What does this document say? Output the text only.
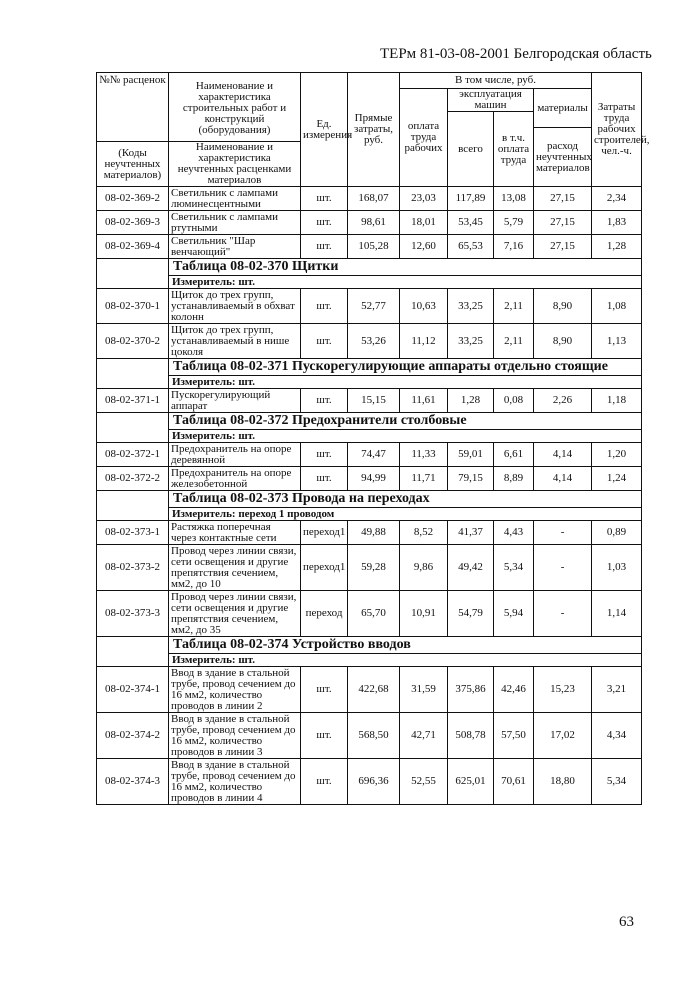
ТЕРм 81-03-08-2001 Белгородская область
№№ расценок	Наименование и характеристика строительных работ и конструкций (оборудования)	Ед. измерения	Прямые затраты, руб.	В том числе, руб.				Затраты труда рабочих строителей, чел.-ч.
				оплата труда рабочих	эксплуатация машин		материалы	
					всего	в т.ч. оплата труда		
							расход неучтенных материалов	
(Коды неучтенных материалов)	Наименование и характеристика неучтенных расценками материалов							

08-02-369-2	Светильник с лампами люминесцентными	шт.	168,07	23,03	117,89	13,08	27,15	2,34
08-02-369-3	Светильник с лампами ртутными	шт.	98,61	18,01	53,45	5,79	27,15	1,83
08-02-369-4	Светильник "Шар венчающий"	шт.	105,28	12,60	65,53	7,16	27,15	1,28
	Таблица 08-02-370 Щитки							
	Измеритель: шт.							
08-02-370-1	Щиток до трех групп, устанавливаемый в обхват колонн	шт.	52,77	10,63	33,25	2,11	8,90	1,08
08-02-370-2	Щиток до трех групп, устанавливаемый в нише цоколя	шт.	53,26	11,12	33,25	2,11	8,90	1,13
	Таблица 08-02-371 Пускорегулирующие аппараты отдельно стоящие							
	Измеритель: шт.							
08-02-371-1	Пускорегулирующий аппарат	шт.	15,15	11,61	1,28	0,08	2,26	1,18
	Таблица 08-02-372 Предохранители столбовые							
	Измеритель: шт.							
08-02-372-1	Предохранитель на опоре деревянной	шт.	74,47	11,33	59,01	6,61	4,14	1,20
08-02-372-2	Предохранитель на опоре железобетонной	шт.	94,99	11,71	79,15	8,89	4,14	1,24
	Таблица 08-02-373 Провода на переходах							
	Измеритель: переход 1 проводом							
08-02-373-1	Растяжка поперечная через контактные сети	переход1	49,88	8,52	41,37	4,43	-	0,89
08-02-373-2	Провод через линии связи, сети освещения и другие препятствия сечением, мм2, до 10	переход1	59,28	9,86	49,42	5,34	-	1,03
08-02-373-3	Провод через линии связи, сети освещения и другие препятствия сечением, мм2, до 35	переход	65,70	10,91	54,79	5,94	-	1,14
	Таблица 08-02-374 Устройство вводов							
	Измеритель: шт.							
08-02-374-1	Ввод в здание в стальной трубе, провод сечением до 16 мм2, количество проводов в линии 2	шт.	422,68	31,59	375,86	42,46	15,23	3,21
08-02-374-2	Ввод в здание в стальной трубе, провод сечением до 16 мм2, количество проводов в линии 3	шт.	568,50	42,71	508,78	57,50	17,02	4,34
08-02-374-3	Ввод в здание в стальной трубе, провод сечением до 16 мм2, количество проводов в линии 4	шт.	696,36	52,55	625,01	70,61	18,80	5,34
63
